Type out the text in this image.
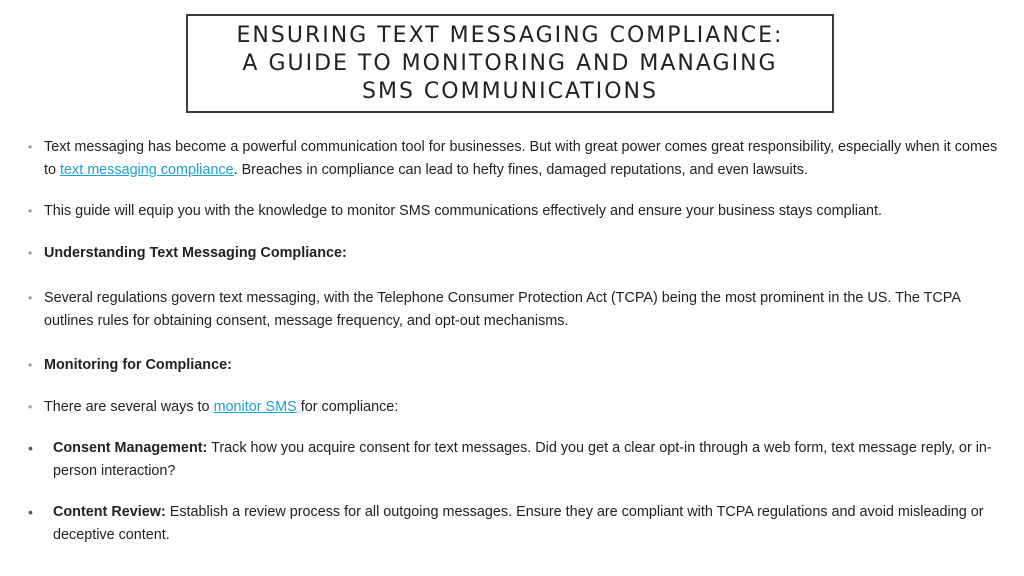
ENSURING TEXT MESSAGING COMPLIANCE:
A GUIDE TO MONITORING AND MANAGING
SMS COMMUNICATIONS
• Text messaging has become a powerful communication tool for businesses. But with great power comes great responsibility, especially when it comes to text messaging compliance. Breaches in compliance can lead to hefty fines, damaged reputations, and even lawsuits.
• This guide will equip you with the knowledge to monitor SMS communications effectively and ensure your business stays compliant.
• Understanding Text Messaging Compliance:
• Several regulations govern text messaging, with the Telephone Consumer Protection Act (TCPA) being the most prominent in the US. The TCPA outlines rules for obtaining consent, message frequency, and opt-out mechanisms.
• Monitoring for Compliance:
• There are several ways to monitor SMS for compliance:
• Consent Management: Track how you acquire consent for text messages. Did you get a clear opt-in through a web form, text message reply, or in-person interaction?
• Content Review: Establish a review process for all outgoing messages. Ensure they are compliant with TCPA regulations and avoid misleading or deceptive content.
